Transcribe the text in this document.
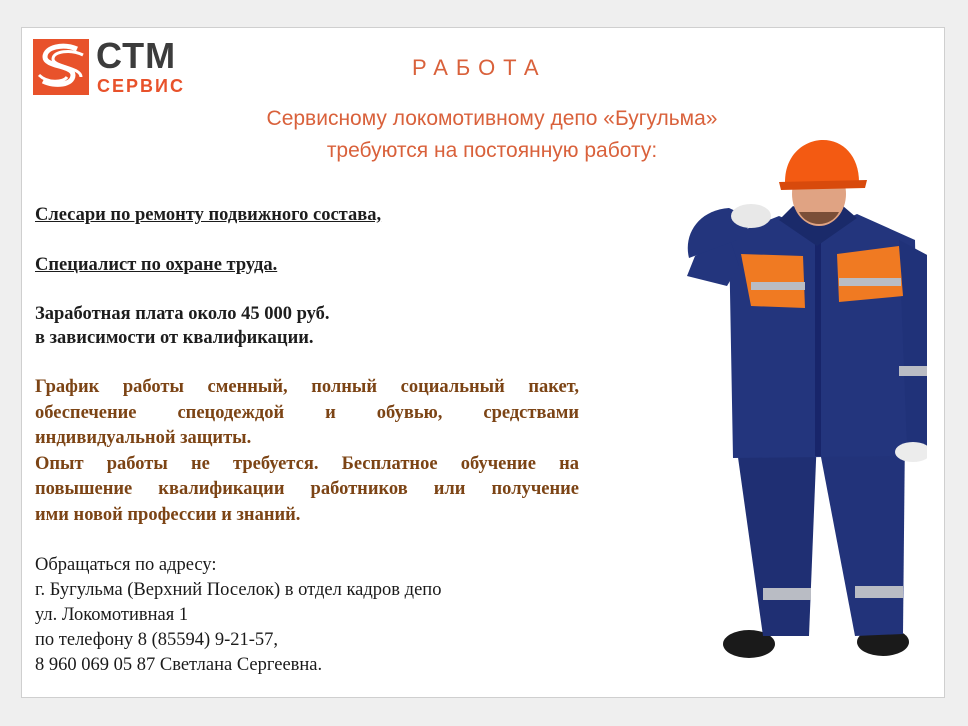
СТМ
СЕРВИС
РАБОТА
Сервисному локомотивному депо «Бугульма»
требуются на постоянную работу:
Слесари по ремонту подвижного состава,
Специалист по охране труда.
Заработная плата около 45 000 руб.
в зависимости от квалификации.
График работы сменный, полный социальный пакет,
обеспечение спецодеждой и обувью, средствами
индивидуальной защиты.
Опыт работы не требуется. Бесплатное обучение на
повышение квалификации работников или получение
ими новой профессии и знаний.
Обращаться по адресу:
г. Бугульма (Верхний Поселок) в отдел кадров депо
ул. Локомотивная 1
по телефону 8 (85594) 9-21-57,
8 960 069 05 87 Светлана Сергеевна.
